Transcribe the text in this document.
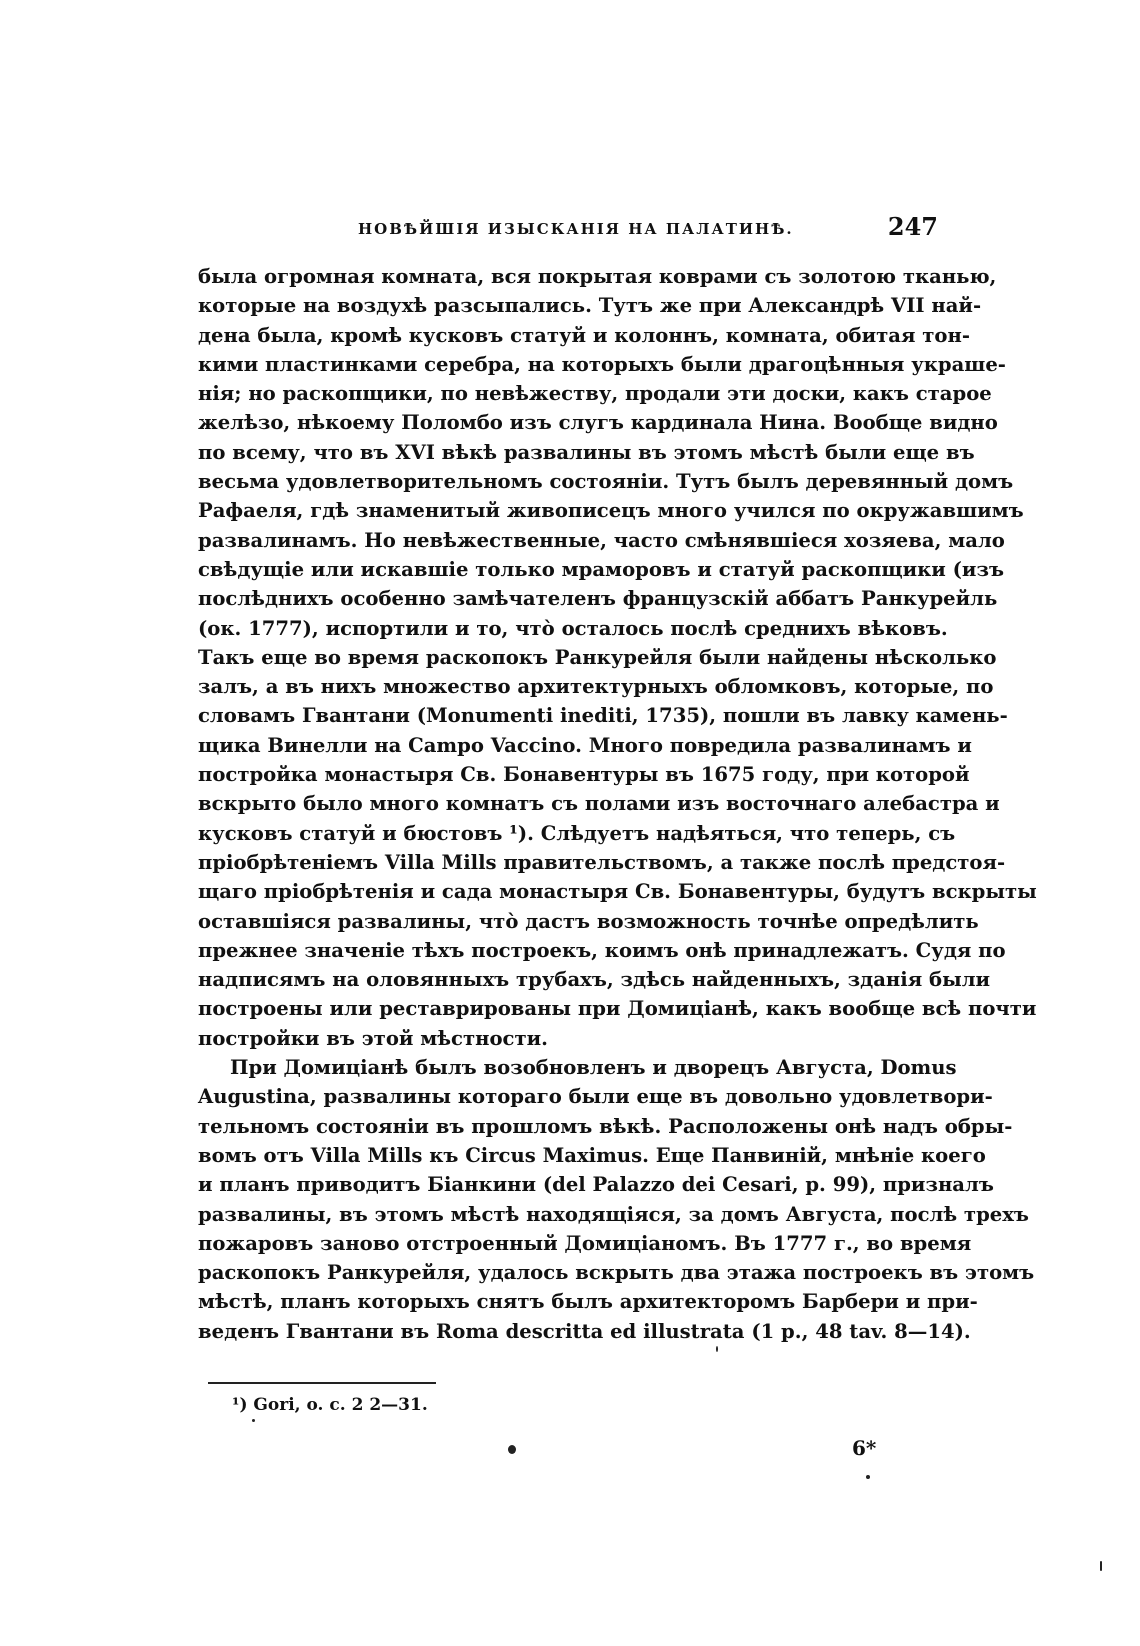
НОВѢЙШІЯ ИЗЫСКАНІЯ НА ПАЛАТИНѢ.	247
была огромная комната, вся покрытая коврами съ золотою тканью,
которые на воздухѣ разсыпались. Тутъ же при Александрѣ VII най-
дена была, кромѣ кусковъ статуй и колоннъ, комната, обитая тон-
кими пластинками серебра, на которыхъ были драгоцѣнныя украше-
нія; но раскопщики, по невѣжеству, продали эти доски, какъ старое
желѣзо, нѣкоему Поломбо изъ слугъ кардинала Нина. Вообще видно
по всему, что въ XVI вѣкѣ развалины въ этомъ мѣстѣ были еще въ
весьма удовлетворительномъ состояніи. Тутъ былъ деревянный домъ
Рафаеля, гдѣ знаменитый живописецъ много учился по окружавшимъ
развалинамъ. Но невѣжественные, часто смѣнявшіеся хозяева, мало
свѣдущіе или искавшіе только мраморовъ и статуй раскопщики (изъ
послѣднихъ особенно замѣчателенъ французскій аббатъ Ранкурейль
(ок. 1777), испортили и то, что̀ осталось послѣ среднихъ вѣковъ.
Такъ еще во время раскопокъ Ранкурейля были найдены нѣсколько
залъ, а въ нихъ множество архитектурныхъ обломковъ, которые, по
словамъ Гвантани (Monumenti inediti, 1735), пошли въ лавку камень-
щика Винелли на Campo Vaccino. Много повредила развалинамъ и
постройка монастыря Св. Бонавентуры въ 1675 году, при которой
вскрыто было много комнатъ съ полами изъ восточнаго алебастра и
кусковъ статуй и бюстовъ ¹). Слѣдуетъ надѣяться, что теперь, съ
пріобрѣтеніемъ Villa Mills правительствомъ, а также послѣ предстоя-
щаго пріобрѣтенія и сада монастыря Св. Бонавентуры, будутъ вскрыты
оставшіяся развалины, что̀ дастъ возможность точнѣе опредѣлить
прежнее значеніе тѣхъ построекъ, коимъ онѣ принадлежатъ. Судя по
надписямъ на оловянныхъ трубахъ, здѣсь найденныхъ, зданія были
построены или реставрированы при Домиціанѣ, какъ вообще всѣ почти
постройки въ этой мѣстности.
При Домиціанѣ былъ возобновленъ и дворецъ Августа, Domus
Augustina, развалины котораго были еще въ довольно удовлетвори-
тельномъ состояніи въ прошломъ вѣкѣ. Расположены онѣ надъ обры-
вомъ отъ Villa Mills къ Circus Maximus. Еще Панвиній, мнѣніе коего
и планъ приводитъ Біанкини (del Palazzo dei Cesari, p. 99), призналъ
развалины, въ этомъ мѣстѣ находящіяся, за домъ Августа, послѣ трехъ
пожаровъ заново отстроенный Домиціаномъ. Въ 1777 г., во время
раскопокъ Ранкурейля, удалось вскрыть два этажа построекъ въ этомъ
мѣстѣ, планъ которыхъ снятъ былъ архитекторомъ Барбери и при-
веденъ Гвантани въ Roma descritta ed illustrata (1 p., 48 tav. 8—14).
¹) Gori, o. c. 2 2—31.
6*
